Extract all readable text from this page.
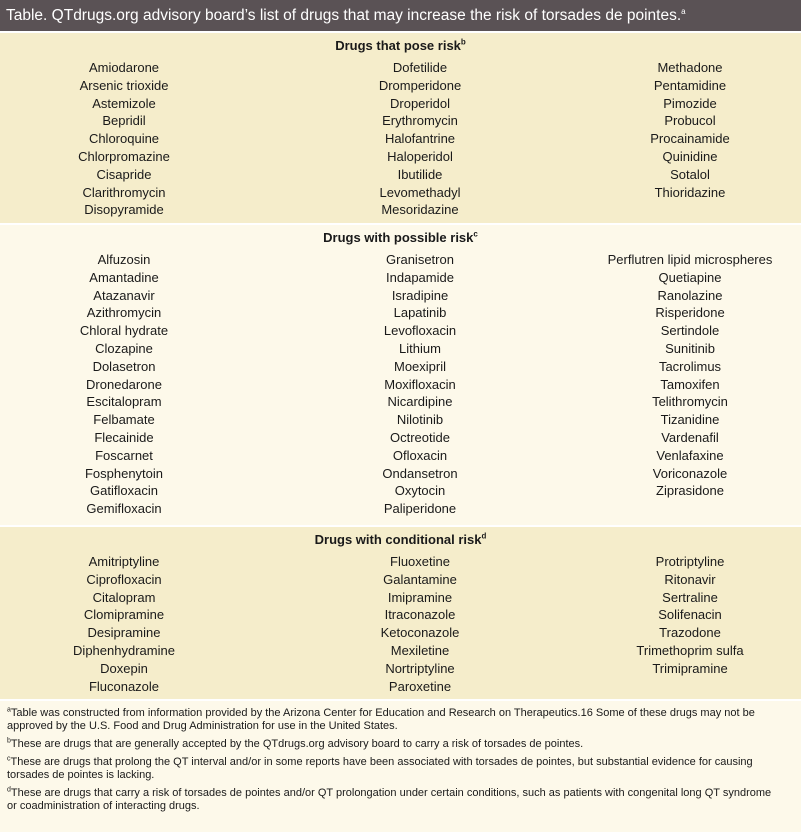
Table. QTdrugs.org advisory board’s list of drugs that may increase the risk of torsades de pointes.$^a$
Drugs that pose risk$^b$
Amiodarone
Arsenic trioxide
Astemizole
Bepridil
Chloroquine
Chlorpromazine
Cisapride
Clarithromycin
Disopyramide
Dofetilide
Dromperidone
Droperidol
Erythromycin
Halofantrine
Haloperidol
Ibutilide
Levomethadyl
Mesoridazine
Methadone
Pentamidine
Pimozide
Probucol
Procainamide
Quinidine
Sotalol
Thioridazine
Drugs with possible risk$^c$
Alfuzosin
Amantadine
Atazanavir
Azithromycin
Chloral hydrate
Clozapine
Dolasetron
Dronedarone
Escitalopram
Felbamate
Flecainide
Foscarnet
Fosphenytoin
Gatifloxacin
Gemifloxacin
Granisetron
Indapamide
Isradipine
Lapatinib
Levofloxacin
Lithium
Moexipril
Moxifloxacin
Nicardipine
Nilotinib
Octreotide
Ofloxacin
Ondansetron
Oxytocin
Paliperidone
Perflutren lipid microspheres
Quetiapine
Ranolazine
Risperidone
Sertindole
Sunitinib
Tacrolimus
Tamoxifen
Telithromycin
Tizanidine
Vardenafil
Venlafaxine
Voriconazole
Ziprasidone
Drugs with conditional risk$^d$
Amitriptyline
Ciprofloxacin
Citalopram
Clomipramine
Desipramine
Diphenhydramine
Doxepin
Fluconazole
Fluoxetine
Galantamine
Imipramine
Itraconazole
Ketoconazole
Mexiletine
Nortriptyline
Paroxetine
Protriptyline
Ritonavir
Sertraline
Solifenacin
Trazodone
Trimethoprim sulfa
Trimipramine
$^a$Table was constructed from information provided by the Arizona Center for Education and Research on Therapeutics.16 Some of these drugs may not be approved by the U.S. Food and Drug Administration for use in the United States.
$^b$These are drugs that are generally accepted by the QTdrugs.org advisory board to carry a risk of torsades de pointes.
$^c$These are drugs that prolong the QT interval and/or in some reports have been associated with torsades de pointes, but substantial evidence for causing torsades de pointes is lacking.
$^d$These are drugs that carry a risk of torsades de pointes and/or QT prolongation under certain conditions, such as patients with congenital long QT syndrome or coadministration of interacting drugs.
